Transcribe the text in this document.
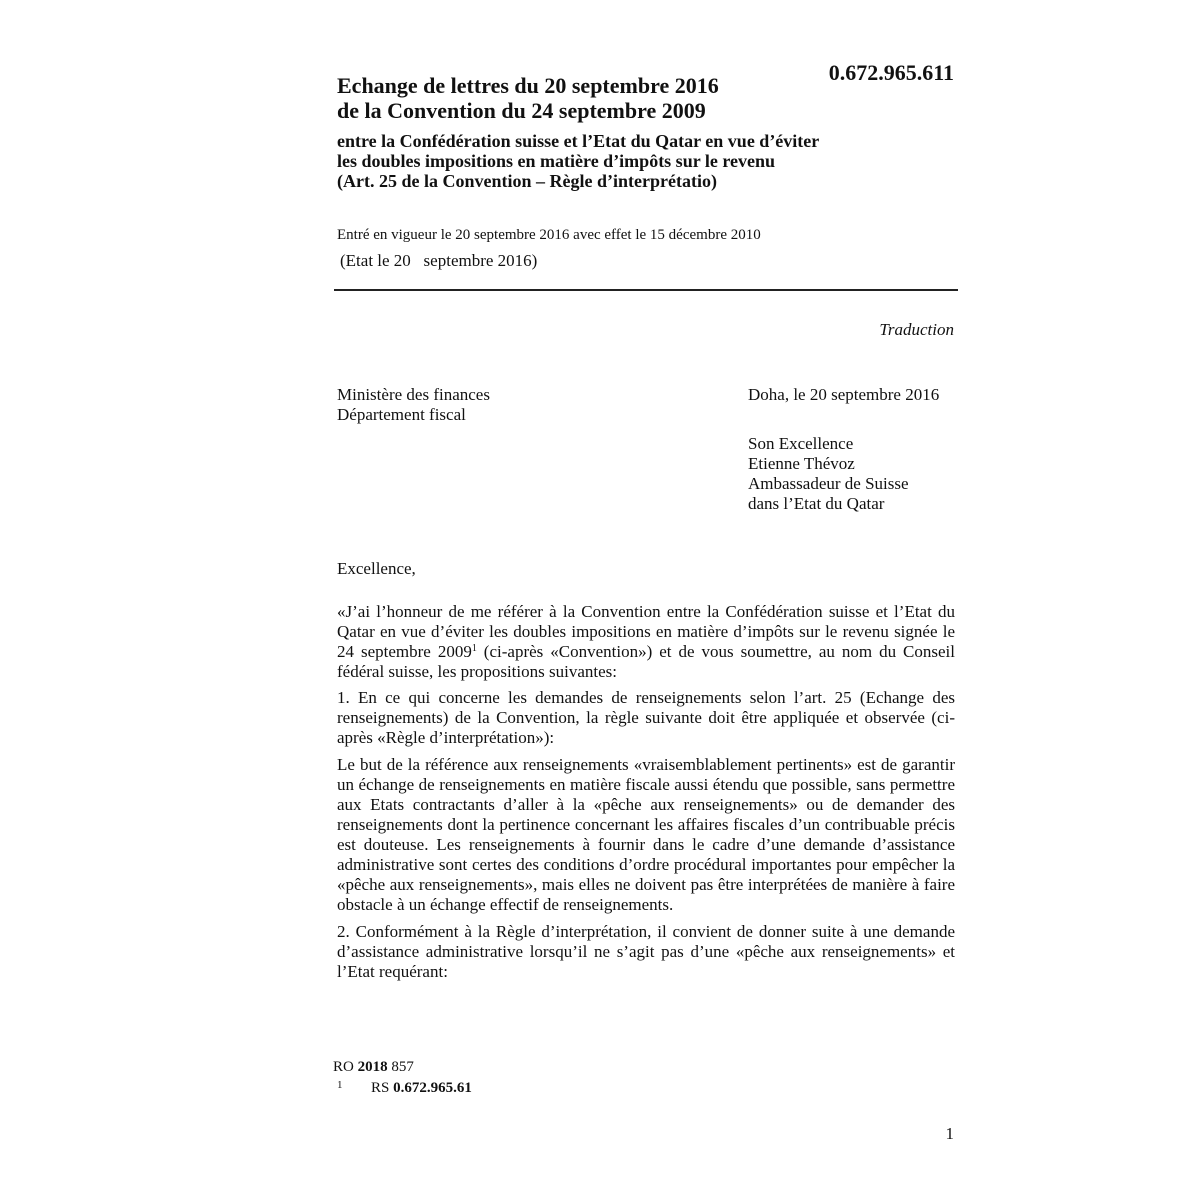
0.672.965.611
Echange de lettres du 20 septembre 2016
de la Convention du 24 septembre 2009
entre la Confédération suisse et l’Etat du Qatar en vue d’éviter
les doubles impositions en matière d’impôts sur le revenu
(Art. 25 de la Convention – Règle d’interprétatio)
Entré en vigueur le 20 septembre 2016 avec effet le 15 décembre 2010
(Etat le 20   septembre 2016)
Traduction
Ministère des finances
Département fiscal
Doha, le 20 septembre 2016
Son Excellence
Etienne Thévoz
Ambassadeur de Suisse
dans l’Etat du Qatar
Excellence,

«J’ai l’honneur de me référer à la Convention entre la Confédération suisse et l’Etat du Qatar en vue d’éviter les doubles impositions en matière d’impôts sur le revenu signée le 24 septembre 2009$^1$ (ci-après «Convention») et de vous soumettre, au nom du Conseil fédéral suisse, les propositions suivantes:

1. En ce qui concerne les demandes de renseignements selon l’art. 25 (Echange des renseignements) de la Convention, la règle suivante doit être appliquée et observée (ci-après «Règle d’interprétation»):

Le but de la référence aux renseignements «vraisemblablement pertinents» est de garantir un échange de renseignements en matière fiscale aussi étendu que possible, sans permettre aux Etats contractants d’aller à la «pêche aux renseignements» ou de demander des renseignements dont la pertinence concernant les affaires fiscales d’un contribuable précis est douteuse. Les renseignements à fournir dans le cadre d’une demande d’assistance administrative sont certes des conditions d’ordre procédural importantes pour empêcher la «pêche aux renseignements», mais elles ne doivent pas être interprétées de manière à faire obstacle à un échange effectif de renseignements.

2. Conformément à la Règle d’interprétation, il convient de donner suite à une demande d’assistance administrative lorsqu’il ne s’agit pas d’une «pêche aux renseignements» et l’Etat requérant:

RO 2018 857
1 RS 0.672.965.61
1
